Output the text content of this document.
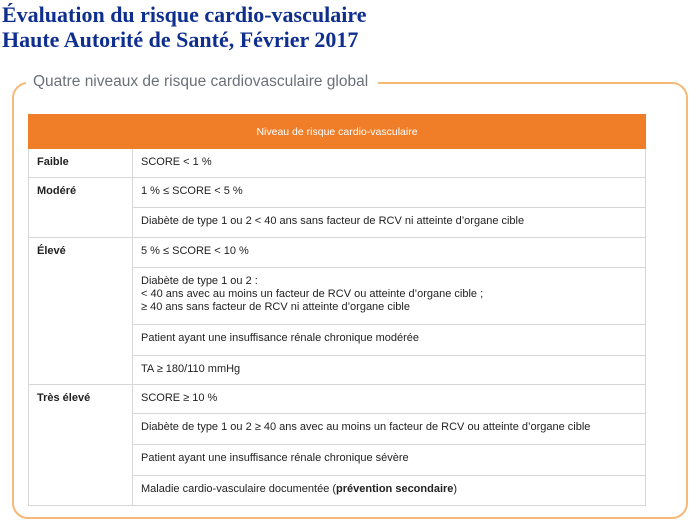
Évaluation du risque cardio-vasculaire
Haute Autorité de Santé, Février 2017
Quatre niveaux de risque cardiovasculaire global
Niveau de risque cardio-vasculaire	

Faible	SCORE < 1 %

Modéré	1 % ≤ SCORE < 5 %

	Diabète de type 1 ou 2 < 40 ans sans facteur de RCV ni atteinte d’organe cible

Élevé	5 % ≤ SCORE < 10 %

	Diabète de type 1 ou 2 :
< 40 ans avec au moins un facteur de RCV ou atteinte d’organe cible ;
≥ 40 ans sans facteur de RCV ni atteinte d’organe cible

	Patient ayant une insuffisance rénale chronique modérée

	TA ≥ 180/110 mmHg

Très élevé	SCORE ≥ 10 %

	Diabète de type 1 ou 2 ≥ 40 ans avec au moins un facteur de RCV ou atteinte d’organe cible

	Patient ayant une insuffisance rénale chronique sévère

	Maladie cardio-vasculaire documentée (prévention secondaire)
